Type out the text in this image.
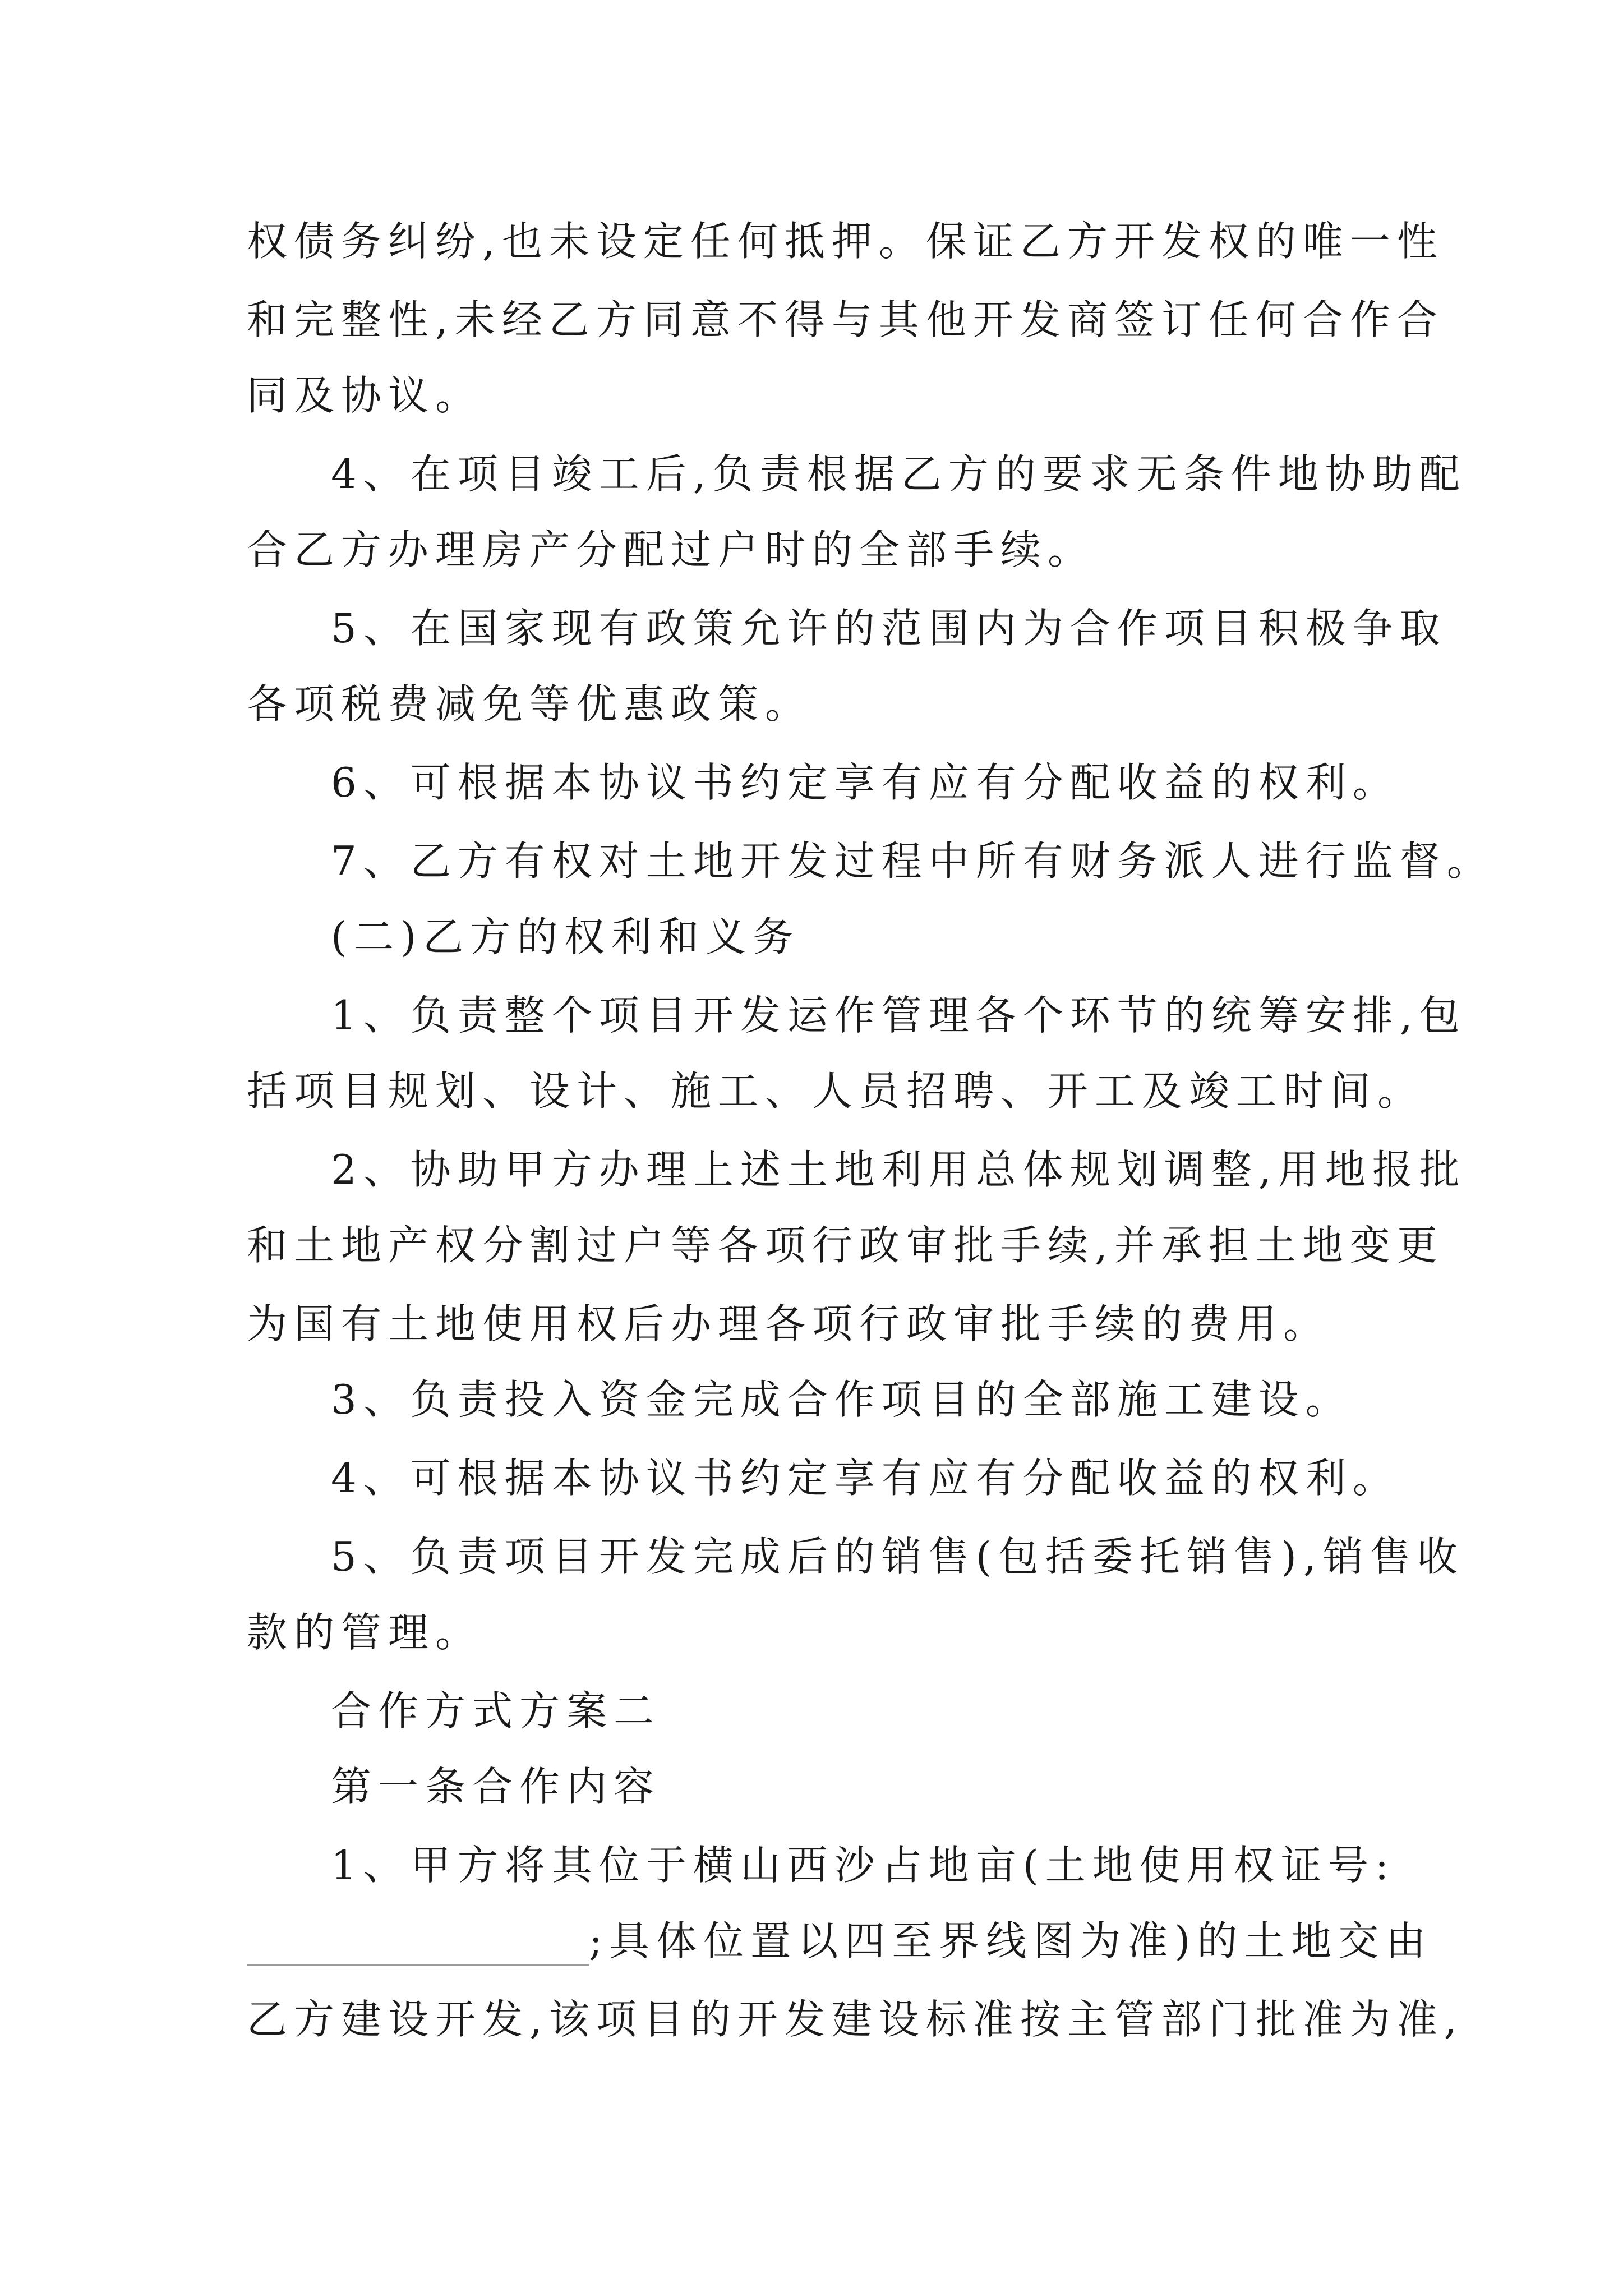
权债务纠纷,也未设定任何抵押。保证乙方开发权的唯一性
和完整性,未经乙方同意不得与其他开发商签订任何合作合
同及协议。
4、在项目竣工后,负责根据乙方的要求无条件地协助配
合乙方办理房产分配过户时的全部手续。
5、在国家现有政策允许的范围内为合作项目积极争取
各项税费减免等优惠政策。
6、可根据本协议书约定享有应有分配收益的权利。
7、乙方有权对土地开发过程中所有财务派人进行监督。
(二)乙方的权利和义务
1、负责整个项目开发运作管理各个环节的统筹安排,包
括项目规划、设计、施工、人员招聘、开工及竣工时间。
2、协助甲方办理上述土地利用总体规划调整,用地报批
和土地产权分割过户等各项行政审批手续,并承担土地变更
为国有土地使用权后办理各项行政审批手续的费用。
3、负责投入资金完成合作项目的全部施工建设。
4、可根据本协议书约定享有应有分配收益的权利。
5、负责项目开发完成后的销售(包括委托销售),销售收
款的管理。
合作方式方案二
第一条合作内容
1、甲方将其位于横山西沙占地亩(土地使用权证号:
;具体位置以四至界线图为准)的土地交由
乙方建设开发,该项目的开发建设标准按主管部门批准为准,
